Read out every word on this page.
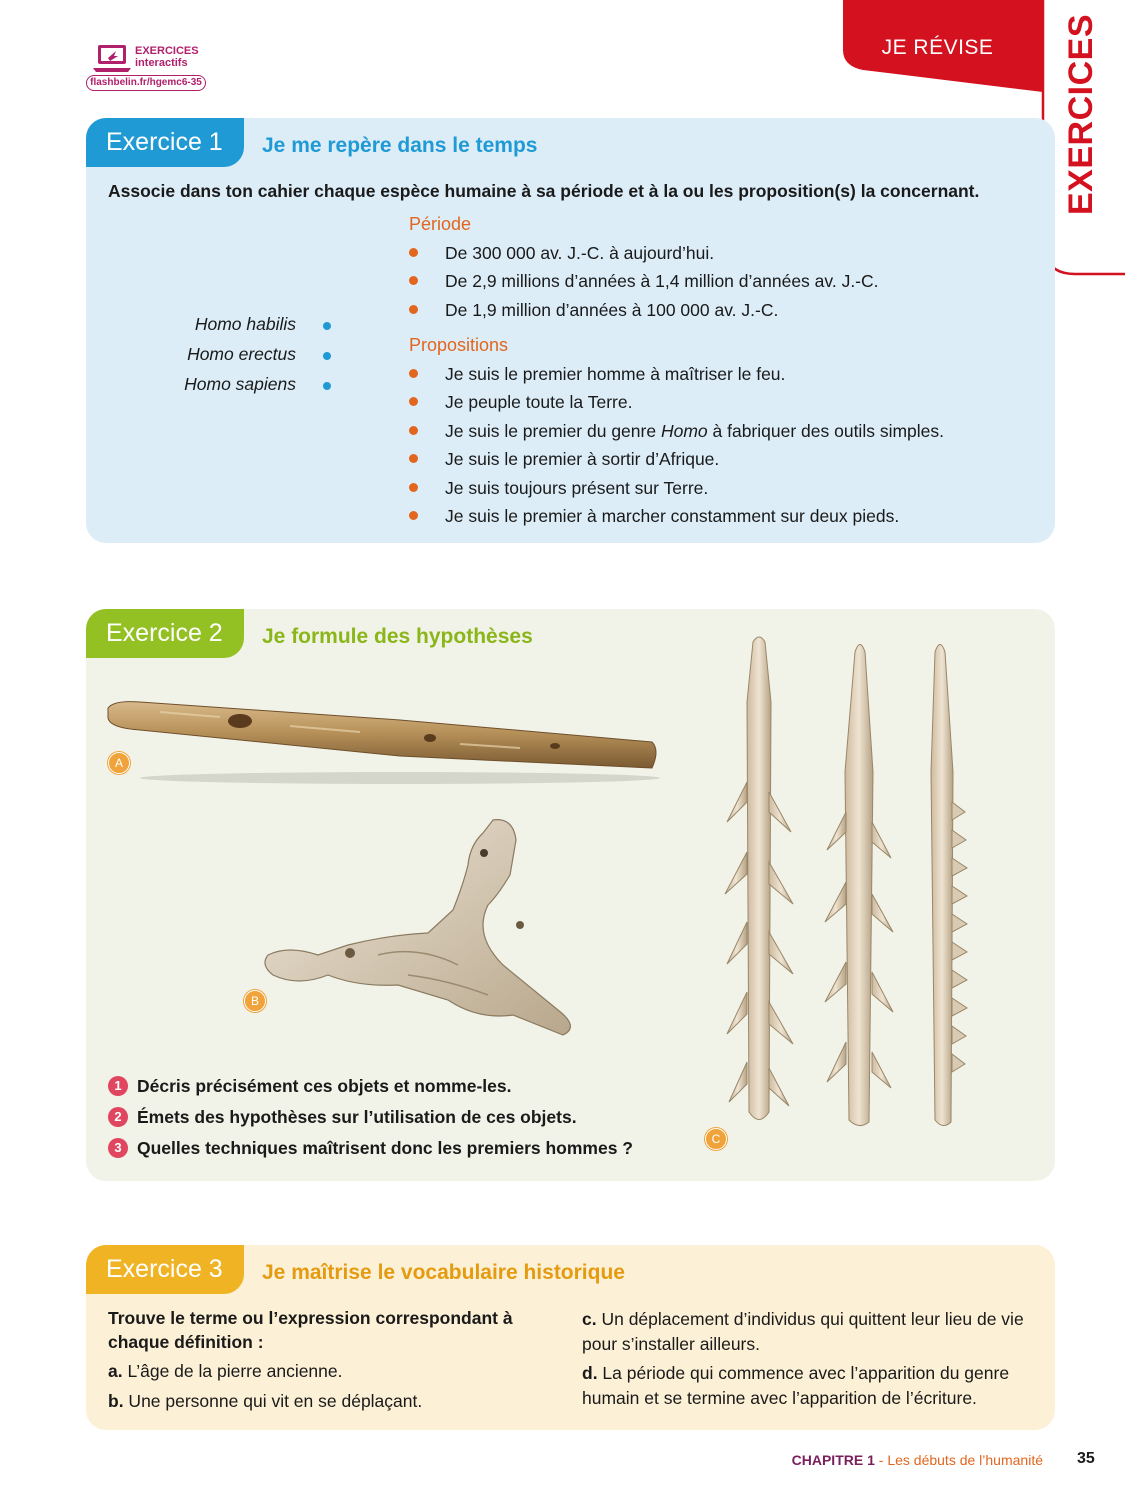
EXERCICES
interactifs
flashbelin.fr/hgemc6-35
JE RÉVISE EXERCICES
Exercice 1	Je me repère dans le temps
Associe dans ton cahier chaque espèce humaine à sa période et à la ou les proposition(s) la concernant.
Homo habilis
Homo erectus
Homo sapiens
Période
De 300 000 av. J.-C. à aujourd’hui.
De 2,9 millions d’années à 1,4 million d’années av. J.-C.
De 1,9 million d’années à 100 000 av. J.-C.
Propositions
Je suis le premier homme à maîtriser le feu.
Je peuple toute la Terre.
Je suis le premier du genre Homo à fabriquer des outils simples.
Je suis le premier à sortir d’Afrique.
Je suis toujours présent sur Terre.
Je suis le premier à marcher constamment sur deux pieds.
Exercice 2	Je formule des hypothèses
A
B
C
1 Décris précisément ces objets et nomme-les.
2 Émets des hypothèses sur l’utilisation de ces objets.
3 Quelles techniques maîtrisent donc les premiers hommes ?
Exercice 3	Je maîtrise le vocabulaire historique
Trouve le terme ou l’expression correspondant à chaque définition :
a. L’âge de la pierre ancienne.
b. Une personne qui vit en se déplaçant.
c. Un déplacement d’individus qui quittent leur lieu de vie pour s’installer ailleurs.
d. La période qui commence avec l’apparition du genre humain et se termine avec l’apparition de l’écriture.
CHAPITRE 1 - Les débuts de l’humanité 35
